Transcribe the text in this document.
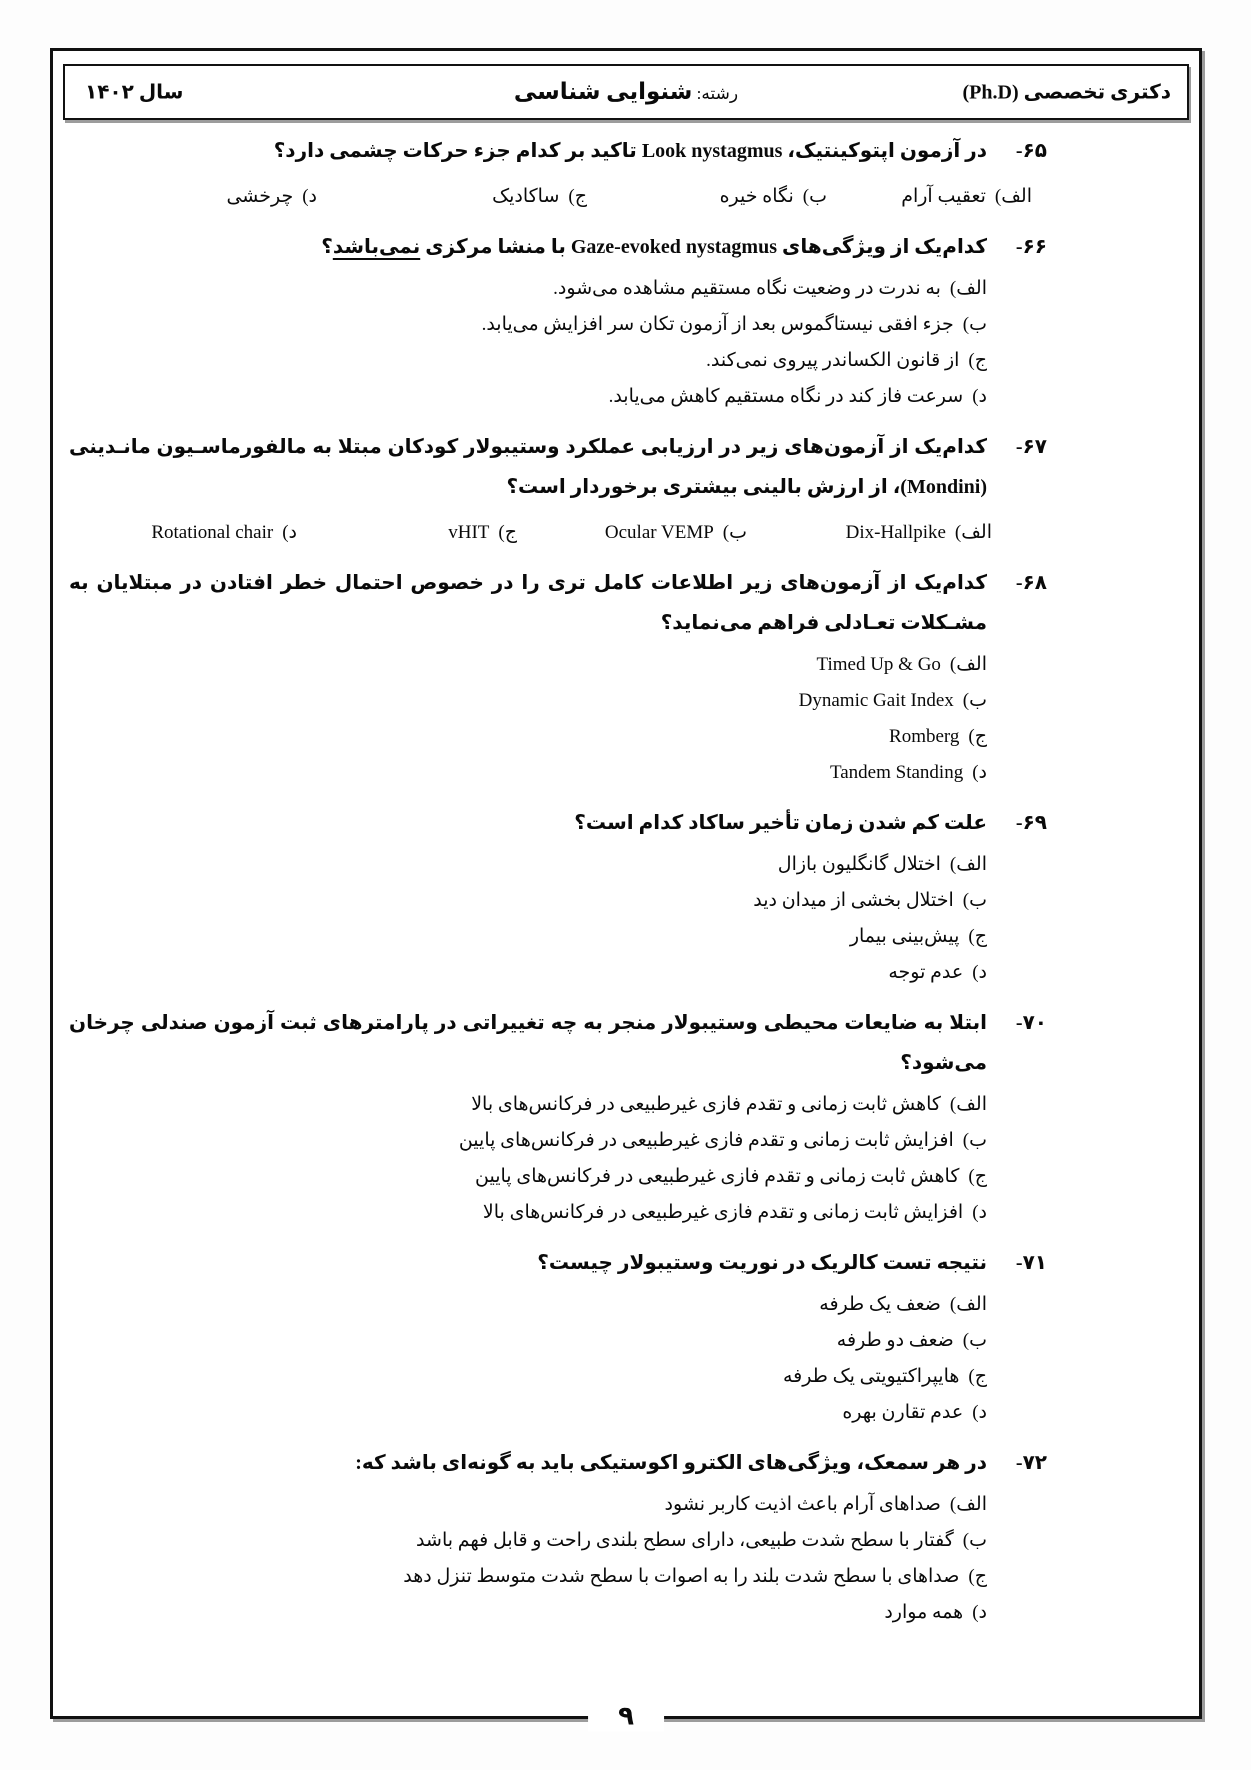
دکتری تخصصی (Ph.D)
رشته: شنوایی شناسی
سال ۱۴۰۲
۶۵-
در آزمون اپتوکینتیک، Look nystagmus تاکید بر کدام جزء حرکات چشمی دارد؟
الف)تعقیب آرام
ب)نگاه خیره
ج)ساکادیک
د)چرخشی
۶۶-
کدام‌یک از ویژگی‌های Gaze-evoked nystagmus با منشا مرکزی نمی‌باشد؟
الف)به ندرت در وضعیت نگاه مستقیم مشاهده می‌شود.
ب)جزء افقی نیستاگموس بعد از آزمون تکان سر افزایش می‌یابد.
ج)از قانون الکساندر پیروی نمی‌کند.
د)سرعت فاز کند در نگاه مستقیم کاهش می‌یابد.
۶۷-
کدام‌یک از آزمون‌های زیر در ارزیابی عملکرد وستیبولار کودکان مبتلا به مالفورماسـیون مانـدینی (Mondini)، از ارزش بالینی بیشتری برخوردار است؟
الف)Dix-Hallpike
ب)Ocular VEMP
ج)vHIT
د)Rotational chair
۶۸-
کدام‌یک از آزمون‌های زیر اطلاعات کامل تری را در خصوص احتمال خطر افتادن در مبتلایان به مشـکلات تعـادلی فراهم می‌نماید؟
الف)Timed Up & Go
ب)Dynamic Gait Index
ج)Romberg
د)Tandem Standing
۶۹-
علت کم شدن زمان تأخیر ساکاد کدام است؟
الف)اختلال گانگلیون بازال
ب)اختلال بخشی از میدان دید
ج)پیش‌بینی بیمار
د)عدم توجه
۷۰-
ابتلا به ضایعات محیطی وستیبولار منجر به چه تغییراتی در پارامترهای ثبت آزمون صندلی چرخان می‌شود؟
الف)کاهش ثابت زمانی و تقدم فازی غیرطبیعی در فرکانس‌های بالا
ب)افزایش ثابت زمانی و تقدم فازی غیرطبیعی در فرکانس‌های پایین
ج)کاهش ثابت زمانی و تقدم فازی غیرطبیعی در فرکانس‌های پایین
د)افزایش ثابت زمانی و تقدم فازی غیرطبیعی در فرکانس‌های بالا
۷۱-
نتیجه تست کالریک در نوریت وستیبولار چیست؟
الف)ضعف یک طرفه
ب)ضعف دو طرفه
ج)هایپراکتیویتی یک طرفه
د)عدم تقارن بهره
۷۲-
در هر سمعک، ویژگی‌های الکترو اکوستیکی باید به گونه‌ای باشد که:
الف)صداهای آرام باعث اذیت کاربر نشود
ب)گفتار با سطح شدت طبیعی، دارای سطح بلندی راحت و قابل فهم باشد
ج)صداهای با سطح شدت بلند را به اصوات با سطح شدت متوسط تنزل دهد
د)همه موارد
۹
